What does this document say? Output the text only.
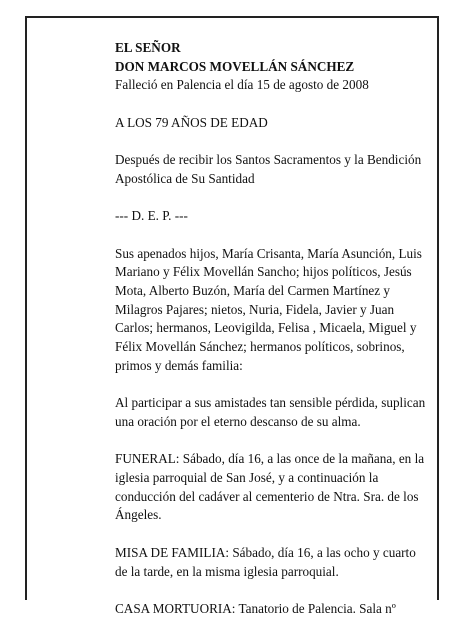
EL SEÑOR
DON MARCOS MOVELLÁN SÁNCHEZ
Falleció en Palencia el día 15 de agosto de 2008

A LOS 79 AÑOS DE EDAD

Después de recibir los Santos Sacramentos y la Bendición Apostólica de Su Santidad

--- D. E. P. ---

Sus apenados hijos, María Crisanta, María Asunción, Luis Mariano y Félix Movellán Sancho; hijos políticos, Jesús Mota, Alberto Buzón, María del Carmen Martínez y Milagros Pajares; nietos, Nuria, Fidela, Javier y Juan Carlos; hermanos, Leovigilda, Felisa , Micaela, Miguel y Félix Movellán Sánchez; hermanos políticos, sobrinos, primos y demás familia:

Al participar a sus amistades tan sensible pérdida, suplican una oración por el eterno descanso de su alma.

FUNERAL: Sábado, día 16, a las once de la mañana, en la iglesia parroquial de San José, y a continuación la conducción del cadáver al cementerio de Ntra. Sra. de los Ángeles.

MISA DE FAMILIA: Sábado, día 16, a las ocho y cuarto de la tarde, en la misma iglesia parroquial.

CASA MORTUORIA: Tanatorio de Palencia. Sala nº
